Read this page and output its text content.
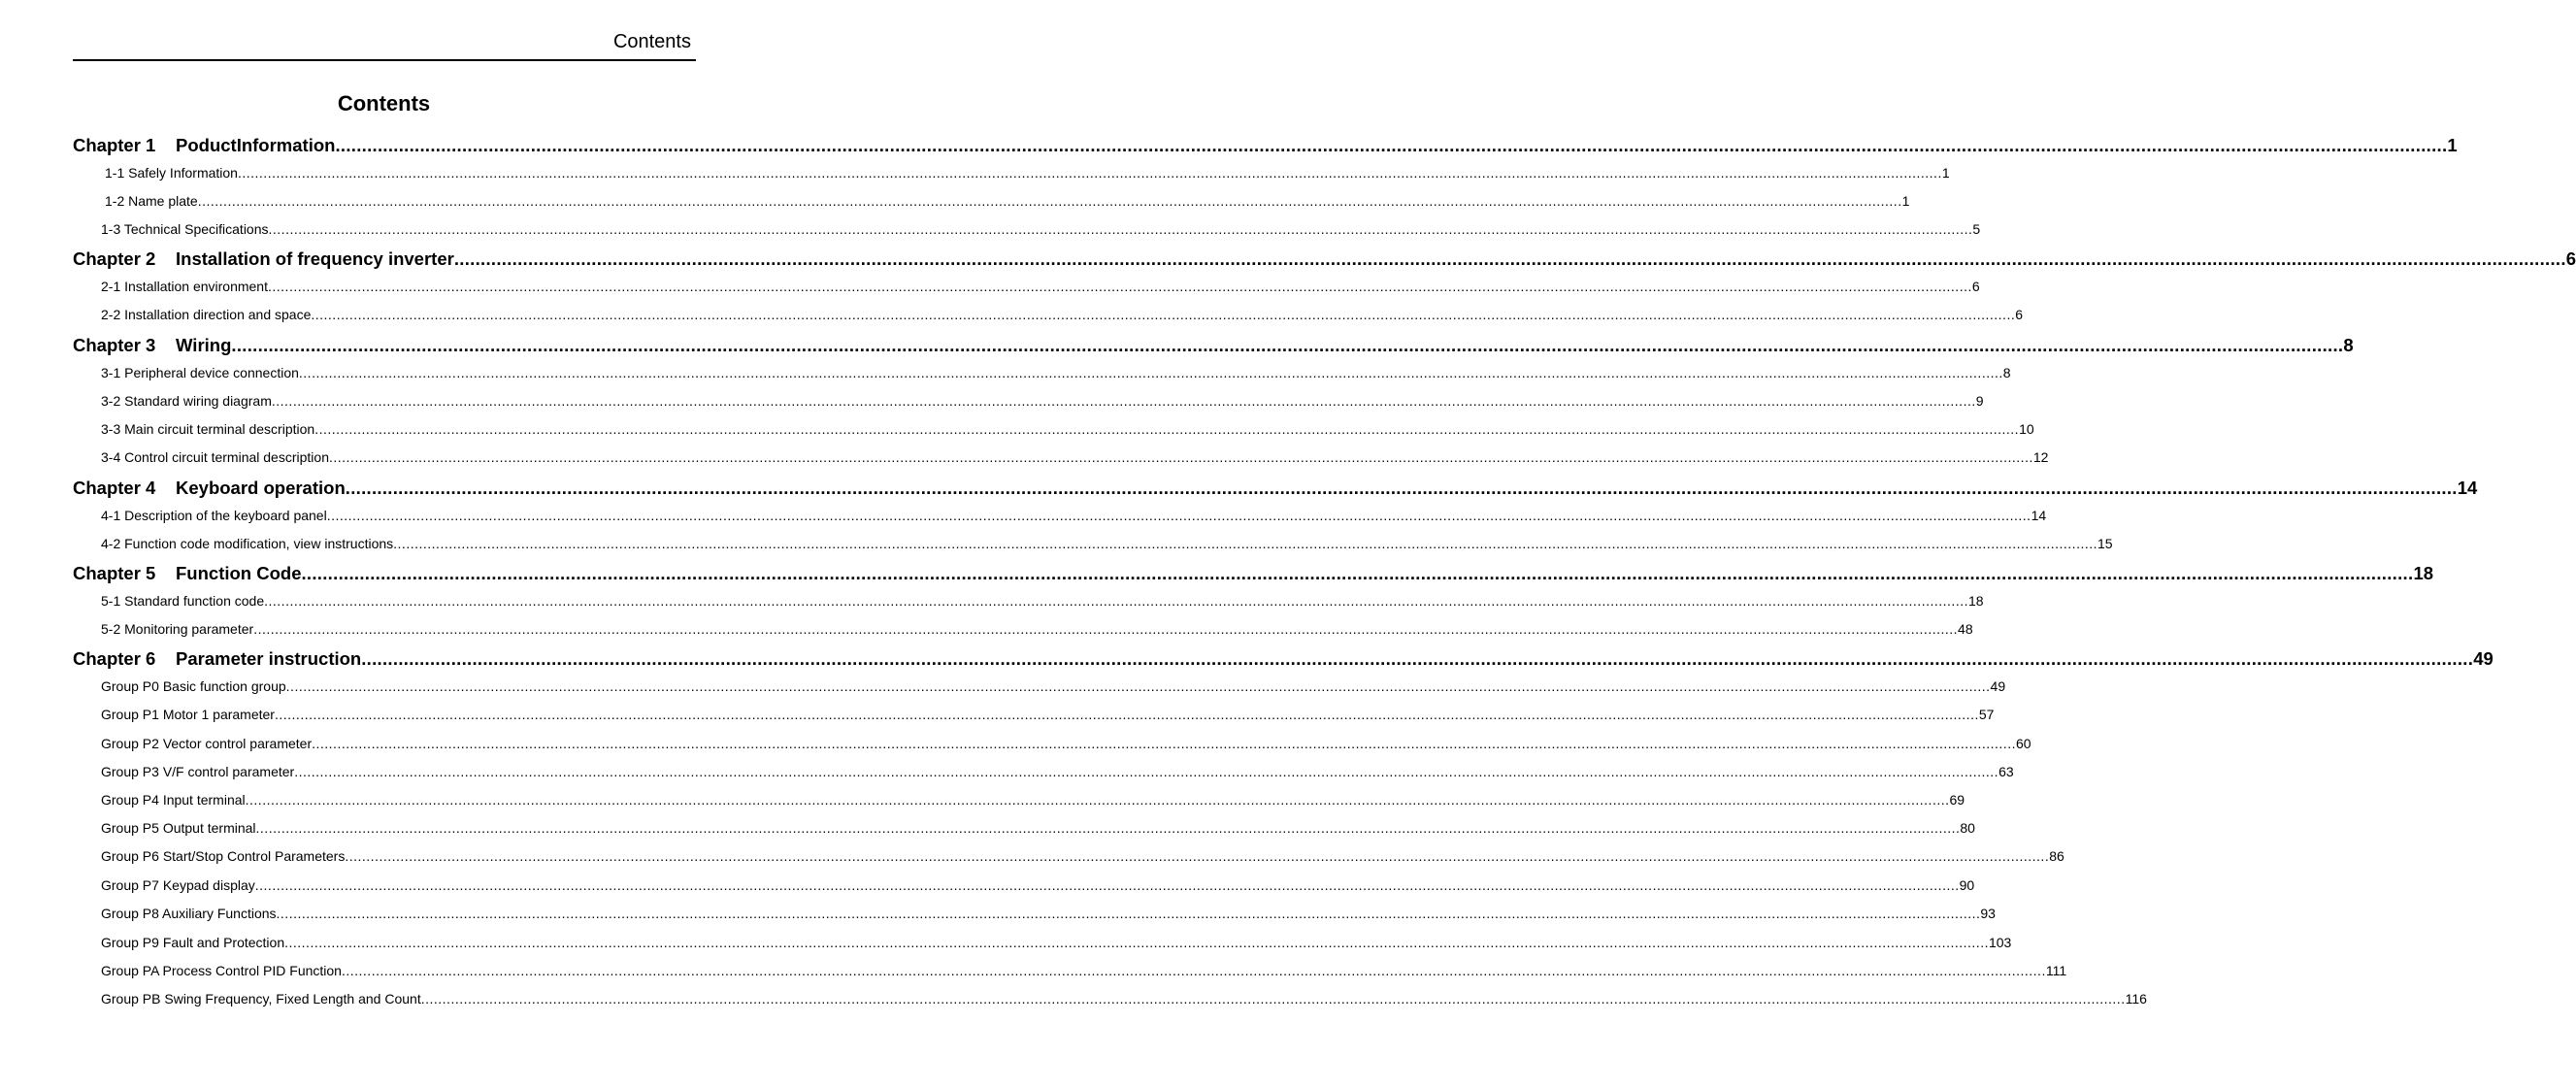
Contents
Contents
Chapter 1 PoductInformation ................................................................................................................................................................................................................................................................................................................................................................................................................ 1
1-1 Safely Information ................................................................................................................................................................................................................................................................................................................................................................................................................ 1
1-2 Name plate ................................................................................................................................................................................................................................................................................................................................................................................................................ 1
1-3 Technical Specifications ................................................................................................................................................................................................................................................................................................................................................................................................................ 5
Chapter 2 Installation of frequency inverter ................................................................................................................................................................................................................................................................................................................................................................................................................ 6
2-1 Installation environment ................................................................................................................................................................................................................................................................................................................................................................................................................ 6
2-2 Installation direction and space ................................................................................................................................................................................................................................................................................................................................................................................................................ 6
Chapter 3 Wiring ................................................................................................................................................................................................................................................................................................................................................................................................................ 8
3-1 Peripheral device connection ................................................................................................................................................................................................................................................................................................................................................................................................................ 8
3-2 Standard wiring diagram ................................................................................................................................................................................................................................................................................................................................................................................................................ 9
3-3 Main circuit terminal description ................................................................................................................................................................................................................................................................................................................................................................................................................ 10
3-4 Control circuit terminal description ................................................................................................................................................................................................................................................................................................................................................................................................................ 12
Chapter 4 Keyboard operation ................................................................................................................................................................................................................................................................................................................................................................................................................ 14
4-1 Description of the keyboard panel ................................................................................................................................................................................................................................................................................................................................................................................................................ 14
4-2 Function code modification, view instructions ................................................................................................................................................................................................................................................................................................................................................................................................................ 15
Chapter 5 Function Code ................................................................................................................................................................................................................................................................................................................................................................................................................ 18
5-1 Standard function code ................................................................................................................................................................................................................................................................................................................................................................................................................ 18
5-2 Monitoring parameter ................................................................................................................................................................................................................................................................................................................................................................................................................ 48
Chapter 6 Parameter instruction ................................................................................................................................................................................................................................................................................................................................................................................................................ 49
Group P0 Basic function group ................................................................................................................................................................................................................................................................................................................................................................................................................ 49
Group P1 Motor 1 parameter ................................................................................................................................................................................................................................................................................................................................................................................................................ 57
Group P2 Vector control parameter ................................................................................................................................................................................................................................................................................................................................................................................................................ 60
Group P3 V/F control parameter ................................................................................................................................................................................................................................................................................................................................................................................................................ 63
Group P4 Input terminal ................................................................................................................................................................................................................................................................................................................................................................................................................ 69
Group P5 Output terminal ................................................................................................................................................................................................................................................................................................................................................................................................................ 80
Group P6 Start/Stop Control Parameters ................................................................................................................................................................................................................................................................................................................................................................................................................ 86
Group P7 Keypad display ................................................................................................................................................................................................................................................................................................................................................................................................................ 90
Group P8 Auxiliary Functions ................................................................................................................................................................................................................................................................................................................................................................................................................ 93
Group P9 Fault and Protection ................................................................................................................................................................................................................................................................................................................................................................................................................ 103
Group PA Process Control PID Function ................................................................................................................................................................................................................................................................................................................................................................................................................ 111
Group PB Swing Frequency, Fixed Length and Count ................................................................................................................................................................................................................................................................................................................................................................................................................ 116
